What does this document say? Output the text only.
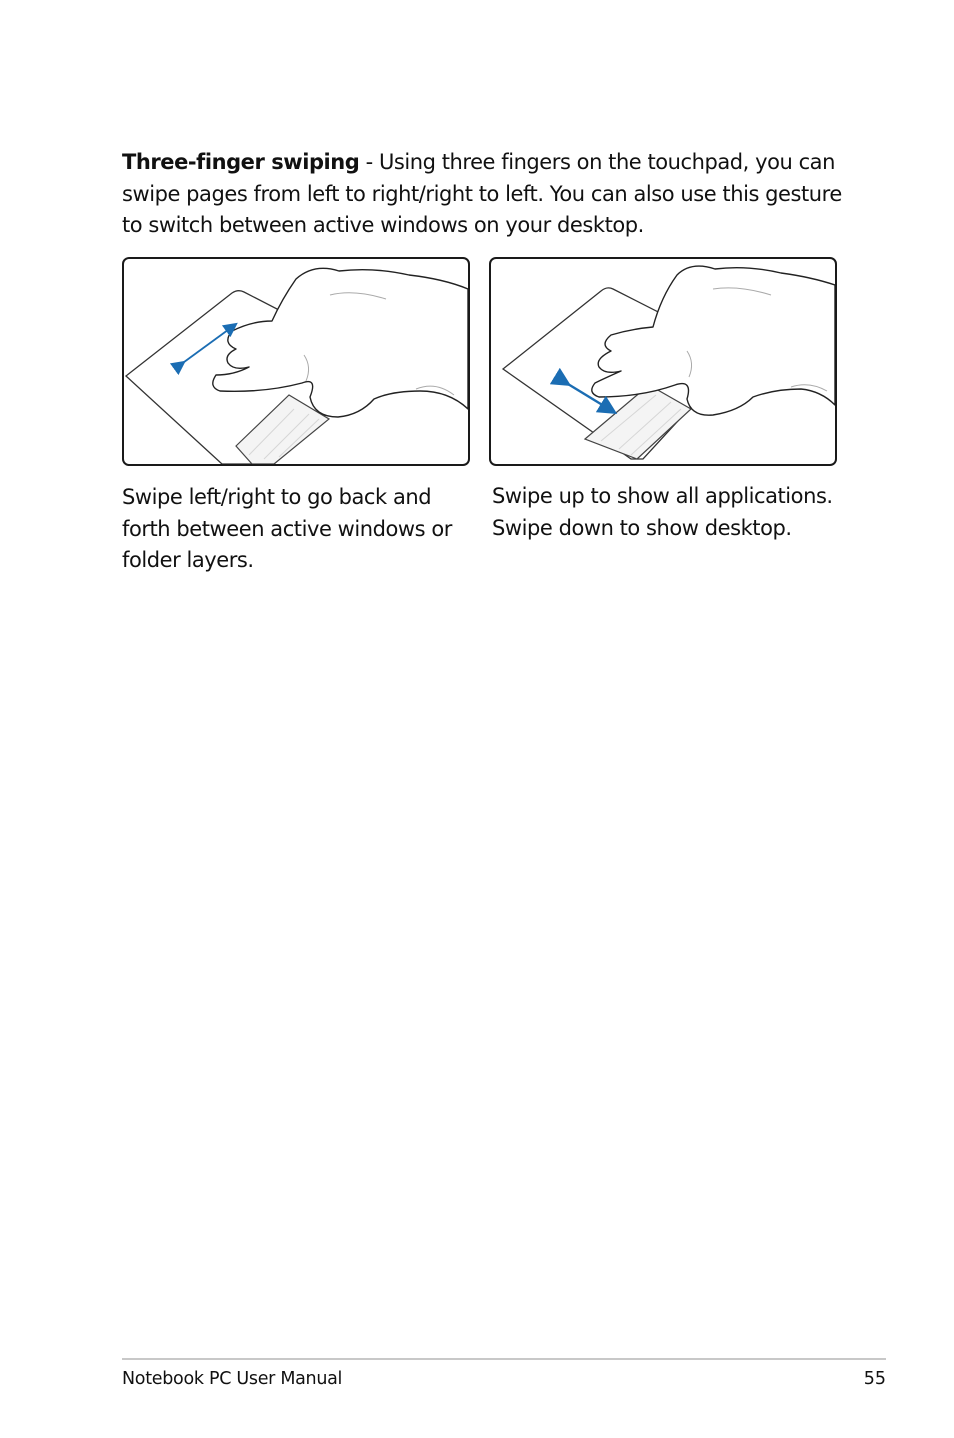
Three-finger swiping - Using three fingers on the touchpad, you can swipe pages from left to right/right to left. You can also use this gesture to switch between active windows on your desktop.

Swipe left/right to go back and forth between active windows or folder layers.

Swipe up to show all applications. Swipe down to show desktop.

Notebook PC User Manual	55
